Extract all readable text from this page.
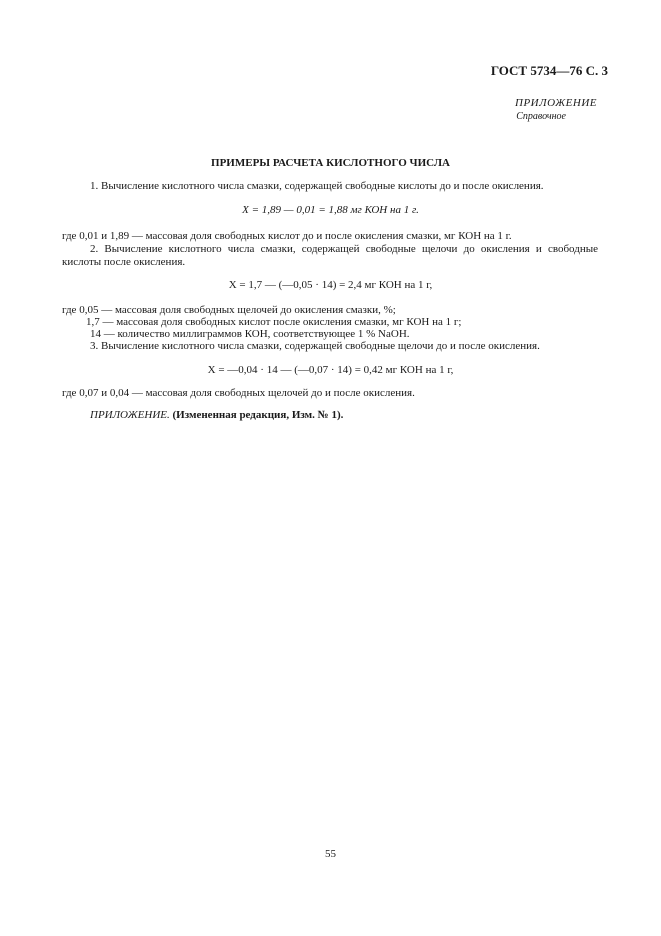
ГОСТ 5734—76 С. 3
ПРИЛОЖЕНИЕ
Справочное
ПРИМЕРЫ РАСЧЕТА КИСЛОТНОГО ЧИСЛА
1. Вычисление кислотного числа смазки, содержащей свободные кислоты до и после окисления.
X = 1,89 — 0,01 = 1,88 мг КОН на 1 г.
где 0,01 и 1,89 — массовая доля свободных кислот до и после окисления смазки, мг КОН на 1 г.
2. Вычисление кислотного числа смазки, содержащей свободные щелочи до окисления и свободные кислоты после окисления.
X = 1,7 — (—0,05 · 14) = 2,4 мг КОН на 1 г,
где 0,05 — массовая доля свободных щелочей до окисления смазки, %;
1,7 — массовая доля свободных кислот после окисления смазки, мг КОН на 1 г;
14 — количество миллиграммов КОН, соответствующее 1 % NaOH.
3. Вычисление кислотного числа смазки, содержащей свободные щелочи до и после окисления.
X = —0,04 · 14 — (—0,07 · 14) = 0,42 мг КОН на 1 г,
где 0,07 и 0,04 — массовая доля свободных щелочей до и после окисления.
ПРИЛОЖЕНИЕ. (Измененная редакция, Изм. № 1).
55
